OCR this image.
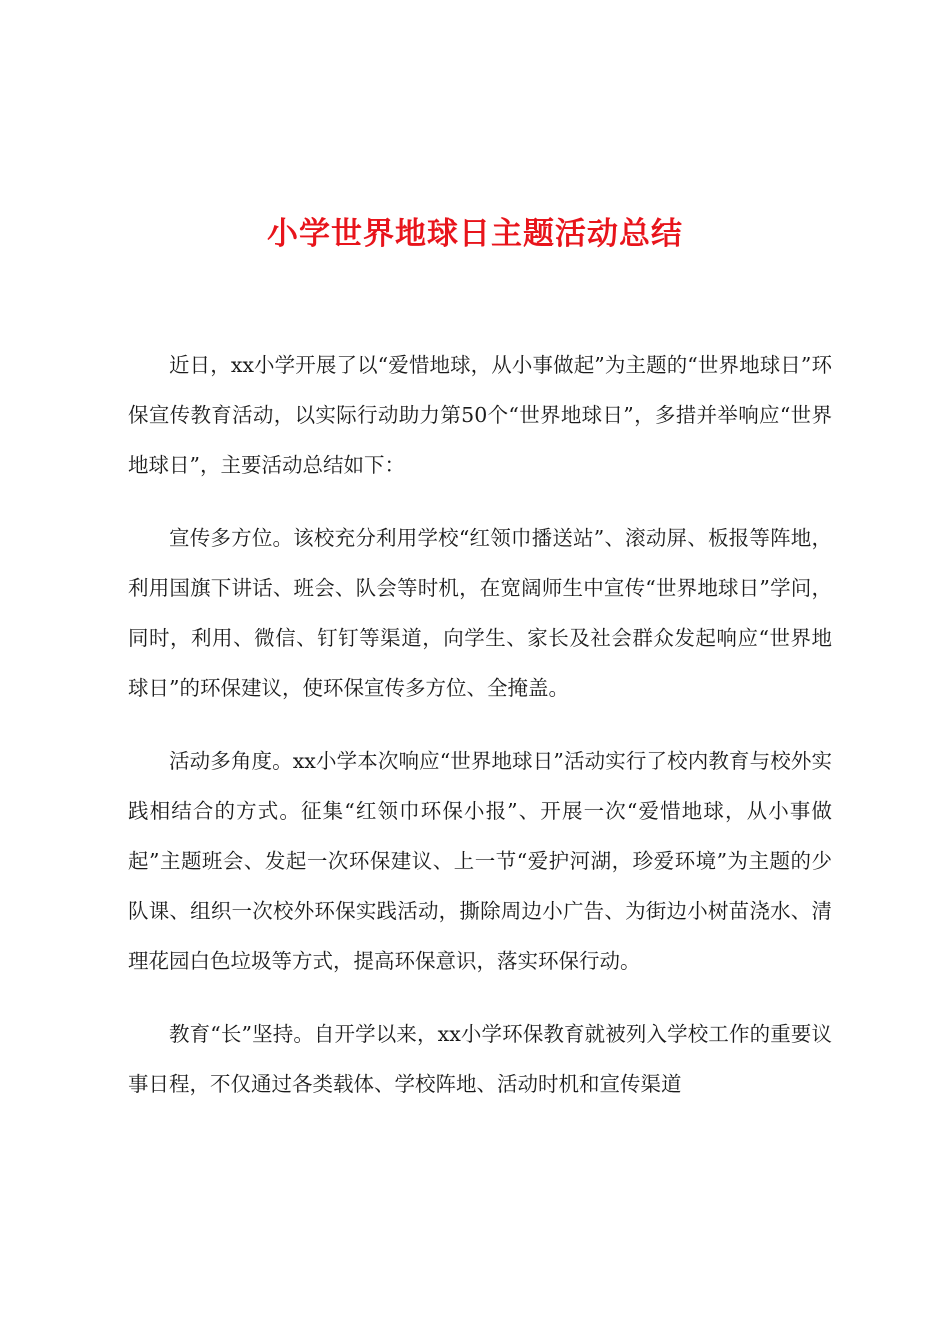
小学世界地球日主题活动总结

近日，xx小学开展了以“爱惜地球，从小事做起”为主题的“世界地球日”环保宣传教育活动，以实际行动助力第50个“世界地球日”，多措并举响应“世界地球日”，主要活动总结如下：

宣传多方位。该校充分利用学校“红领巾播送站”、滚动屏、板报等阵地，利用国旗下讲话、班会、队会等时机，在宽阔师生中宣传“世界地球日”学问，同时，利用、微信、钉钉等渠道，向学生、家长及社会群众发起响应“世界地球日”的环保建议，使环保宣传多方位、全掩盖。

活动多角度。xx小学本次响应“世界地球日”活动实行了校内教育与校外实践相结合的方式。征集“红领巾环保小报”、开展一次“爱惜地球，从小事做起”主题班会、发起一次环保建议、上一节“爱护河湖，珍爱环境”为主题的少队课、组织一次校外环保实践活动，撕除周边小广告、为街边小树苗浇水、清理花园白色垃圾等方式，提高环保意识，落实环保行动。

教育“长”坚持。自开学以来，xx小学环保教育就被列入学校工作的重要议事日程，不仅通过各类载体、学校阵地、活动时机和宣传渠道
